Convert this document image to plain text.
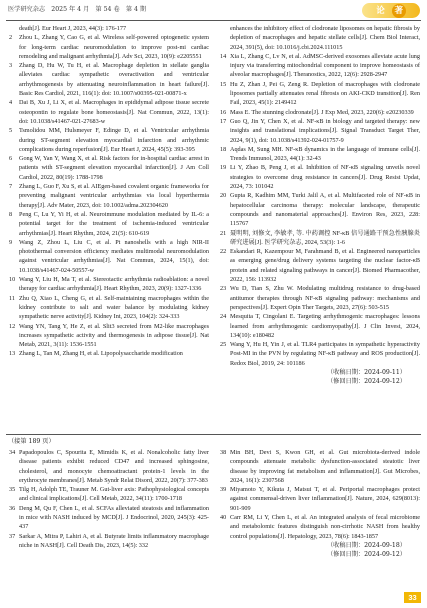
医学研究杂志　2025 年 4 月　第 54 卷　第 4 期	论 著
death[J]. Eur Heart J, 2023, 44(3): 176-177
2 Zhou L, Zhang Y, Cao G, et al. Wireless self-powered optogenetic system for long-term cardiac neuromodulation to improve post-mi cardiac remodeling and malignant arrhythmia[J]. Adv Sci, 2023, 10(9): e2205551
3 Zhang D, Hu W, Tu H, et al. Macrophage depletion in stellate ganglia alleviates cardiac sympathetic overactivation and ventricular arrhythmogenesis by attenuating neuroinflammation in heart failure[J]. Basic Res Cardiol, 2021, 116(1): doi: 10.1007/s00395-021-00871-x
4 Dai B, Xu J, Li X, et al. Macrophages in epididymal adipose tissue secrete osteopontin to regulate bone homeostasis[J]. Nat Commun, 2022, 13(1): doi: 10.1038/s41467-021-27683-w
5 Tsmolidou MM, Hulsmeyer F, Edinge D, et al. Ventricular arrhythmia during ST-segment elevation myocardial infarction and arrhythmic complications during reperfusion[J]. Eur Heart J, 2024, 45(5): 393-395
6 Gong W, Yan Y, Wang X, et al. Risk factors for in-hospital cardiac arrest in patients with ST-segment elevation myocardial infarction[J]. J Am Coll Cardiol, 2022, 80(19): 1788-1798
7 Zhang L, Guo F, Xu S, et al. AIEgen-based covalent organic frameworks for preventing malignant ventricular arrhythmias via local hyperthermia therapy[J]. Adv Mater, 2023, doi: 10.1002/adma.202304620
8 Peng C, Lu Y, Yi H, et al. Neuroimmune modulation mediated by IL-6: a potential target for the treatment of ischemia-induced ventricular arrhythmias[J]. Heart Rhythm, 2024, 21(5): 610-619
9 Wang Z, Zhou L, Liu C, et al. Pt nanoshells with a high NIR-II photothermal conversion efficiency mediates multimodal neuromodulation against ventricular arrhythmias[J]. Nat Commun, 2024, 15(1), doi: 10.1038/s41467-024-50557-w
10 Wang Y, Liu H, Ma T, et al. Stereotactic arrhythmia radioablation: a novel therapy for cardiac arrhythmia[J]. Heart Rhythm, 2023, 20(9): 1327-1336
11 Zhu Q, Xiao L, Cheng G, et al. Self-maintaining macrophages within the kidney contribute to salt and water balance by modulating kidney sympathetic nerve activity[J]. Kidney Int, 2023, 104(2): 324-333
12 Wang YN, Tang Y, He Z, et al. Slit3 secreted from M2-like macrophages increases sympathetic activity and thermogenesis in adipose tissue[J]. Nat Metab, 2021, 3(11): 1536-1551
13 Zhang L, Tan M, Zhang H, et al. Lipopolysaccharide modification
enhances the inhibitory effect of clodronate liposomes on hepatic fibrosis by depletion of macrophages and hepatic stellate cells[J]. Chem Biol Interact, 2024, 391(5), doi: 10.1016/j.cbi.2024.111015
14 Xia L, Zhang C, Lv N, et al. AdMSC-derived exosomes alleviate acute lung injury via transferring mitochondrial component to improve homeostasis of alveolar macrophages[J]. Theranostics, 2022, 12(6): 2928-2947
15 Hu Z, Zhan J, Pei G, Zeng R. Depletion of macrophages with clodronate liposomes partially attenuates renal fibrosis on AKI-CKD transition[J]. Ren Fail, 2023, 45(1): 2149412
16 Mass E. The stunning clodronate[J]. J Exp Med, 2023, 220(6): e20230339
17 Guo Q, Jin Y, Chen X, et al. NF-κB in biology and targeted therapy: new insights and translational implications[J]. Signal Transduct Target Ther, 2024, 9(1), doi: 10.1038/s41392-024-01757-9
18 Aqdas M, Sung MH. NF-κB dynamics in the language of immune cells[J]. Trends Immunol, 2023, 44(1): 32-43
19 Li Y, Zhao B, Peng J, et al. Inhibition of NF-κB signaling unveils novel strategies to overcome drug resistance in cancers[J]. Drug Resist Updat, 2024, 73: 101042
20 Gupta R, Kadhim MM, Turki Jalil A, et al. Multifaceted role of NF-κB in hepatocellular carcinoma therapy: molecular landscape, therapeutic compounds and nanomaterial approaches[J]. Environ Res, 2023, 228: 115767
21 聂明明, 刘修文, 李敏孝, 等. 中药调控 NF-κB 信号通路干预急性胰腺炎研究进展[J]. 医学研究杂志, 2024, 53(3): 1-6
22 Eskandari R, Kazempour M, Farahmand B, et al. Engineered nanoparticles as emerging gene/drug delivery systems targeting the nuclear factor-κB protein and related signaling pathways in cancer[J]. Biomed Pharmacother, 2022, 156: 113932
23 Wu D, Tian S, Zhu W. Modulating multidrug resistance to drug-based antitumor therapies through NF-κB signaling pathway: mechanisms and perspectives[J]. Expert Opin Ther Targets, 2023, 27(6): 503-515
24 Mesquita T, Cingolani E. Targeting arrhythmogenic macrophages: lessons learned from arrhythmogenic cardiomyopathy[J]. J Clin Invest, 2024, 134(10): e180482
25 Wang Y, Hu H, Yin J, et al. TLR4 participates in sympathetic hyperactivity Post-MI in the PVN by regulating NF-κB pathway and ROS production[J]. Redox Biol, 2019, 24: 101186
（收稿日期：2024-09-11）
（修回日期：2024-09-12）
（接第 189 页）
34 Papadopoulos C, Spourita E, Mimidis K, et al. Nonalcoholic fatty liver disease patients exhibit reduced CD47 and increased sphingosine, cholesterol, and monocyte chemoattractant protein-1 levels in the erythrocyte membranes[J]. Metab Syndr Relat Disord, 2022, 20(7): 377-383
35 Tilg H, Adolph TE, Trauner M. Gut-liver axis: Pathophysiological concepts and clinical implications[J]. Cell Metab, 2022, 34(11): 1700-1718
36 Deng M, Qu F, Chen L, et al. SCFAs alleviated steatosis and inflammation in mice with NASH induced by MCD[J]. J Endocrinol, 2020, 245(3): 425-437
37 Sarkar A, Mitra P, Lahiri A, et al. Butyrate limits inflammatory macrophage niche in NASH[J]. Cell Death Dis, 2023, 14(5): 332
38 Min BH, Devi S, Kwon GH, et al. Gut microbiota-derived indole compounds attenuate metabolic dysfunction-associated steatotic liver disease by improving fat metabolism and inflammation[J]. Gut Microbes, 2024, 16(1): 2307568
39 Miyamoto Y, Kikuta J, Matsui T, et al. Periportal macrophages protect against commensal-driven liver inflammation[J]. Nature, 2024, 629(8013): 901-909
40 Carr RM, Li Y, Chen L, et al. An integrated analysis of fecal microbiome and metabolomic features distinguish non-cirrhotic NASH from healthy control populations[J]. Hepatology, 2023, 78(6): 1843-1857
（收稿日期：2024-09-18）
（修回日期：2024-09-12）
33
